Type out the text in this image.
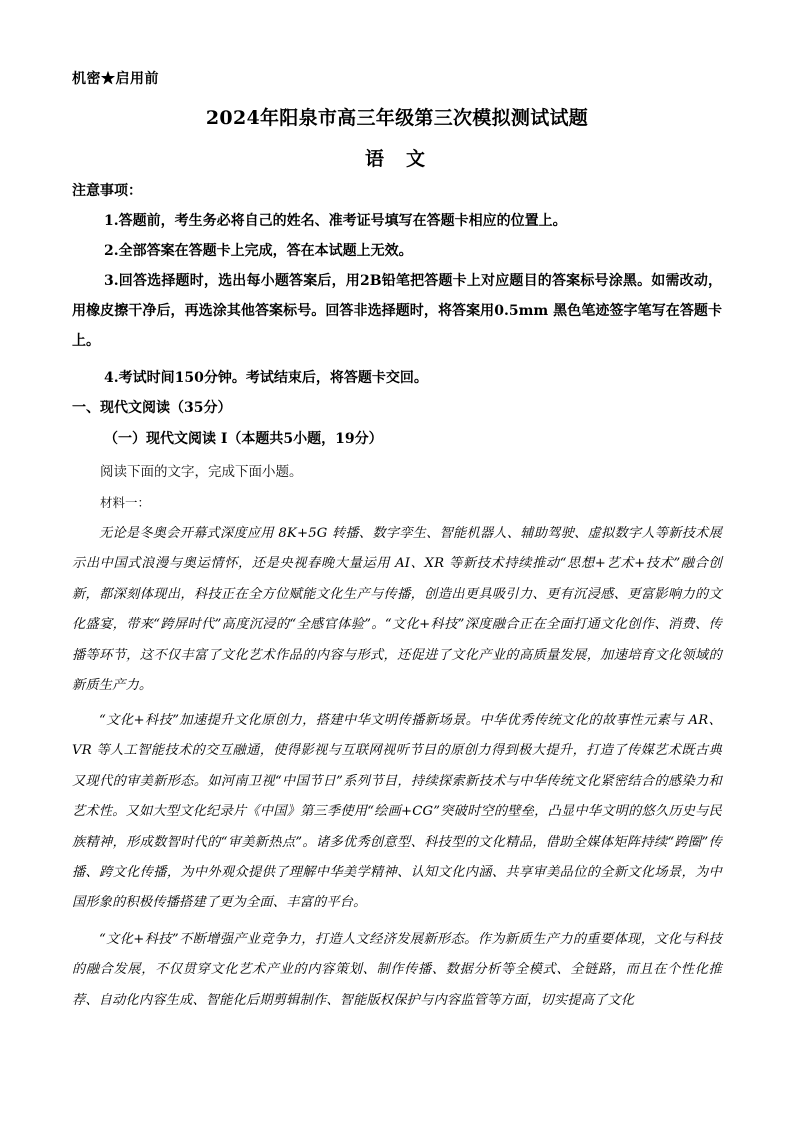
机密★启用前
2024年阳泉市高三年级第三次模拟测试试题
语文
注意事项：
1.答题前，考生务必将自己的姓名、准考证号填写在答题卡相应的位置上。
2.全部答案在答题卡上完成，答在本试题上无效。
3.回答选择题时，选出每小题答案后，用2B铅笔把答题卡上对应题目的答案标号涂黑。如需改动，用橡皮擦干净后，再选涂其他答案标号。回答非选择题时，将答案用0.5mm 黑色笔迹签字笔写在答题卡上。
4.考试时间150分钟。考试结束后，将答题卡交回。
一、现代文阅读（35分）
（一）现代文阅读 I（本题共5小题，19分）
阅读下面的文字，完成下面小题。
材料一：
无论是冬奥会开幕式深度应用 8K+5G 转播、数字孪生、智能机器人、辅助驾驶、虚拟数字人等新技术展示出中国式浪漫与奥运情怀，还是央视春晚大量运用 AI、XR 等新技术持续推动“思想+艺术+技术”融合创新，都深刻体现出，科技正在全方位赋能文化生产与传播，创造出更具吸引力、更有沉浸感、更富影响力的文化盛宴，带来“跨屏时代”高度沉浸的“全感官体验”。“文化+科技”深度融合正在全面打通文化创作、消费、传播等环节，这不仅丰富了文化艺术作品的内容与形式，还促进了文化产业的高质量发展，加速培育文化领域的新质生产力。
“文化+科技”加速提升文化原创力，搭建中华文明传播新场景。中华优秀传统文化的故事性元素与 AR、VR 等人工智能技术的交互融通，使得影视与互联网视听节目的原创力得到极大提升，打造了传媒艺术既古典又现代的审美新形态。如河南卫视“中国节日”系列节目，持续探索新技术与中华传统文化紧密结合的感染力和艺术性。又如大型文化纪录片《中国》第三季使用“绘画+CG”突破时空的壁垒，凸显中华文明的悠久历史与民族精神，形成数智时代的“审美新热点”。诸多优秀创意型、科技型的文化精品，借助全媒体矩阵持续“跨圈”传播、跨文化传播，为中外观众提供了理解中华美学精神、认知文化内涵、共享审美品位的全新文化场景，为中国形象的积极传播搭建了更为全面、丰富的平台。
“文化+科技”不断增强产业竞争力，打造人文经济发展新形态。作为新质生产力的重要体现，文化与科技的融合发展，不仅贯穿文化艺术产业的内容策划、制作传播、数据分析等全模式、全链路，而且在个性化推荐、自动化内容生成、智能化后期剪辑制作、智能版权保护与内容监管等方面，切实提高了文化
